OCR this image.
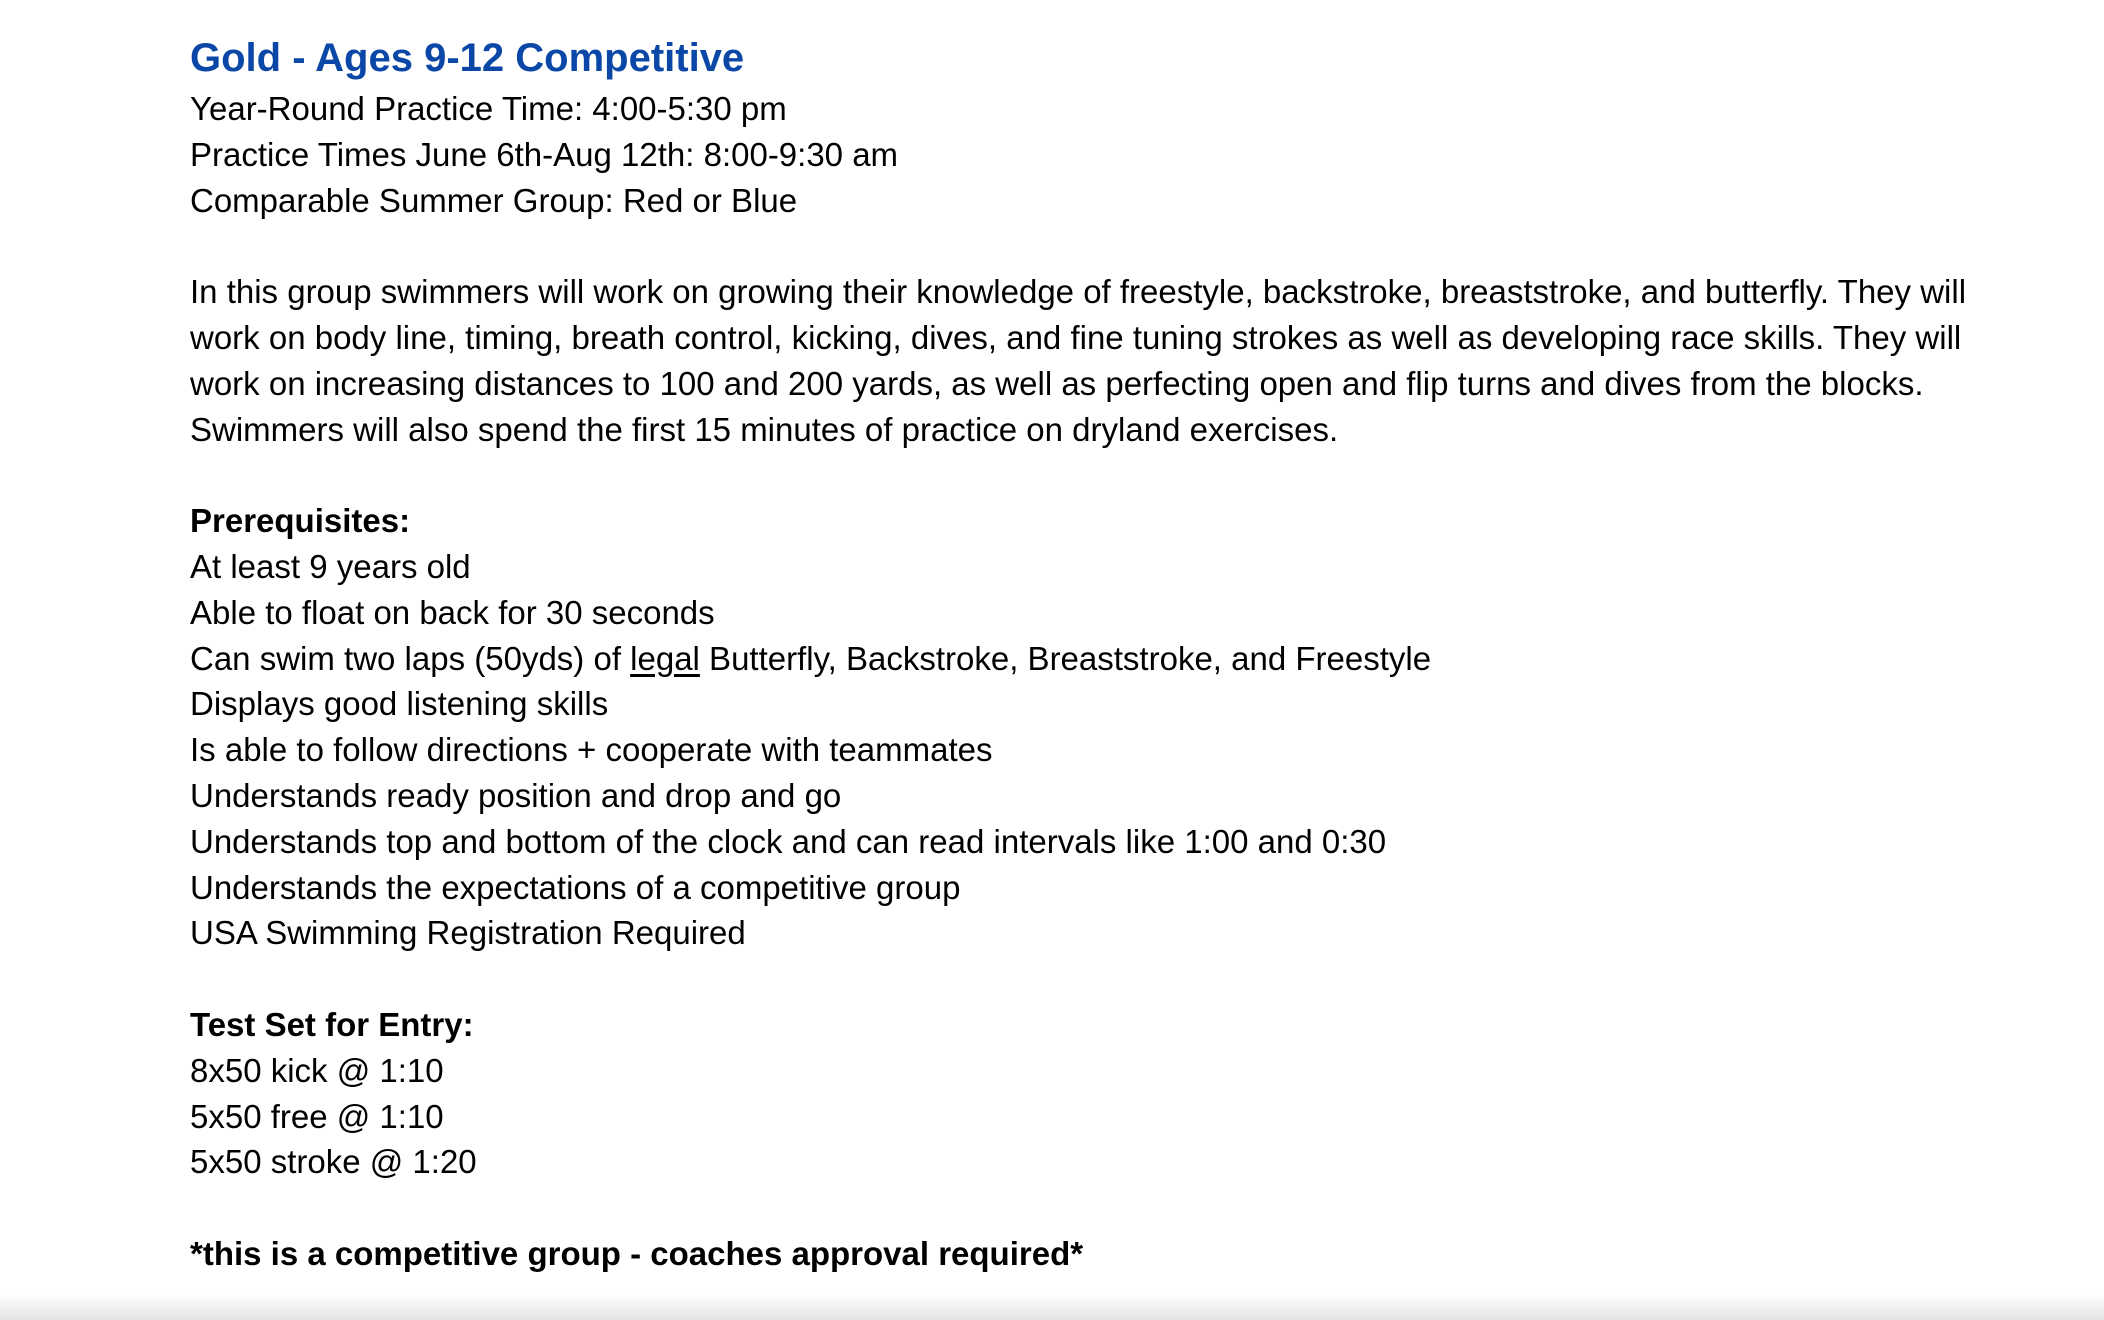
Gold - Ages 9-12 Competitive
Year-Round Practice Time: 4:00-5:30 pm
Practice Times June 6th-Aug 12th: 8:00-9:30 am
Comparable Summer Group: Red or Blue
In this group swimmers will work on growing their knowledge of freestyle, backstroke, breaststroke, and butterfly. They will work on body line, timing, breath control, kicking, dives, and fine tuning strokes as well as developing race skills. They will work on increasing distances to 100 and 200 yards, as well as perfecting open and flip turns and dives from the blocks. Swimmers will also spend the first 15 minutes of practice on dryland exercises.
Prerequisites:
At least 9 years old
Able to float on back for 30 seconds
Can swim two laps (50yds) of legal Butterfly, Backstroke, Breaststroke, and Freestyle
Displays good listening skills
Is able to follow directions + cooperate with teammates
Understands ready position and drop and go
Understands top and bottom of the clock and can read intervals like 1:00 and 0:30
Understands the expectations of a competitive group
USA Swimming Registration Required
Test Set for Entry:
8x50 kick @ 1:10
5x50 free @ 1:10
5x50 stroke @ 1:20
*this is a competitive group - coaches approval required*
